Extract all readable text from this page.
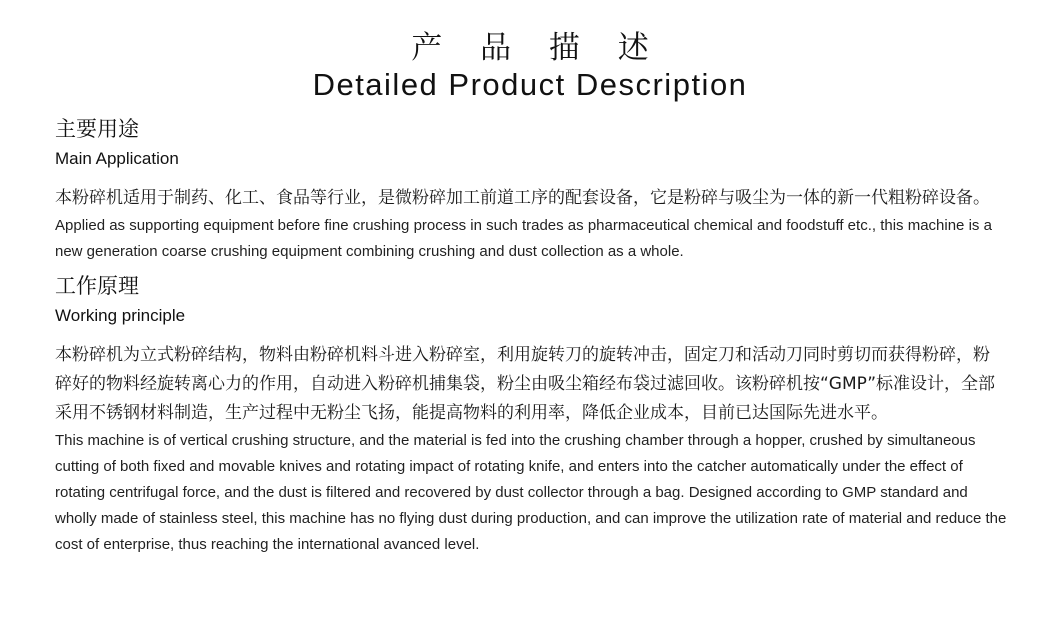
产 品 描 述
Detailed Product Description
主要用途
Main Application
本粉碎机适用于制药、化工、食品等行业，是微粉碎加工前道工序的配套设备，它是粉碎与吸尘为一体的新一代粗粉碎设备。
Applied as supporting equipment before fine crushing process in such trades as pharmaceutical chemical and foodstuff etc., this machine is a new generation coarse crushing equipment combining crushing and dust collection as a whole.
工作原理
Working principle
本粉碎机为立式粉碎结构，物料由粉碎机料斗进入粉碎室，利用旋转刀的旋转冲击，固定刀和活动刀同时剪切而获得粉碎，粉碎好的物料经旋转离心力的作用，自动进入粉碎机捕集袋，粉尘由吸尘箱经布袋过滤回收。该粉碎机按“GMP”标准设计，全部采用不锈钢材料制造，生产过程中无粉尘飞扬，能提高物料的利用率，降低企业成本，目前已达国际先进水平。
This machine is of vertical crushing structure, and the material is fed into the crushing chamber through a hopper, crushed by simultaneous cutting of both fixed and movable knives and rotating impact of rotating knife, and enters into the catcher automatically under the effect of rotating centrifugal force, and the dust is filtered and recovered by dust collector through a bag. Designed according to GMP standard and wholly made of stainless steel, this machine has no flying dust during production, and can improve the utilization rate of material and reduce the cost of enterprise, thus reaching the international avanced level.
